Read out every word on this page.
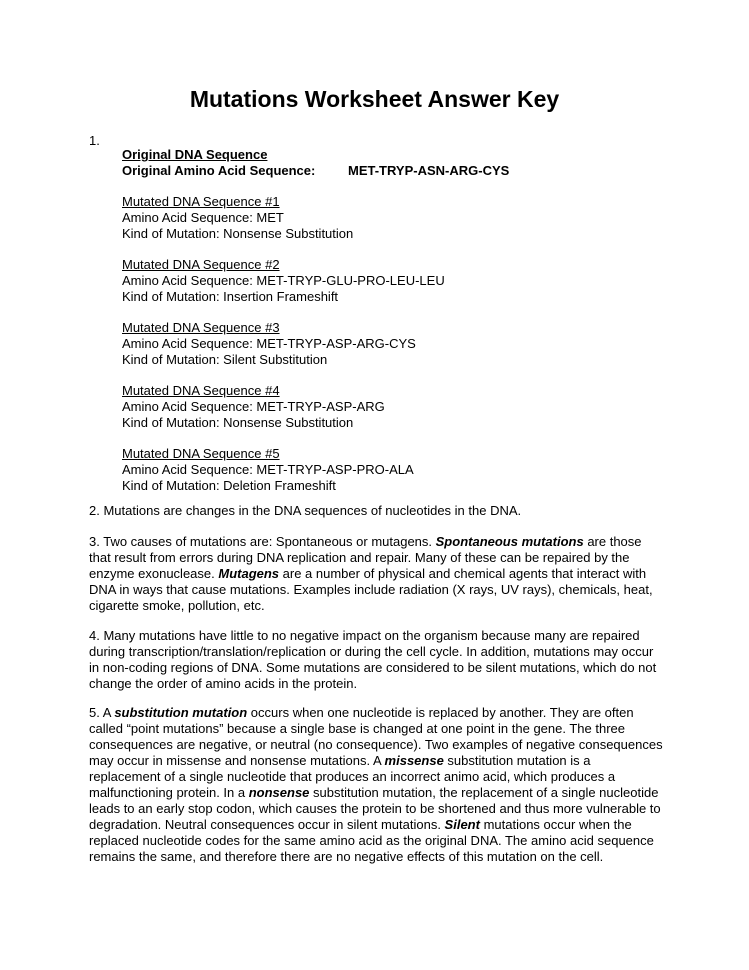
Mutations Worksheet Answer Key
1.
Original DNA Sequence
Original Amino Acid Sequence:	MET-TRYP-ASN-ARG-CYS
Mutated DNA Sequence #1
Amino Acid Sequence: MET
Kind of Mutation: Nonsense Substitution
Mutated DNA Sequence #2
Amino Acid Sequence: MET-TRYP-GLU-PRO-LEU-LEU
Kind of Mutation: Insertion Frameshift
Mutated DNA Sequence #3
Amino Acid Sequence: MET-TRYP-ASP-ARG-CYS
Kind of Mutation: Silent Substitution
Mutated DNA Sequence #4
Amino Acid Sequence: MET-TRYP-ASP-ARG
Kind of Mutation: Nonsense Substitution
Mutated DNA Sequence #5
Amino Acid Sequence: MET-TRYP-ASP-PRO-ALA
Kind of Mutation: Deletion Frameshift

2. Mutations are changes in the DNA sequences of nucleotides in the DNA.

3. Two causes of mutations are: Spontaneous or mutagens. Spontaneous mutations are those that result from errors during DNA replication and repair. Many of these can be repaired by the enzyme exonuclease. Mutagens are a number of physical and chemical agents that interact with DNA in ways that cause mutations. Examples include radiation (X rays, UV rays), chemicals, heat, cigarette smoke, pollution, etc.

4. Many mutations have little to no negative impact on the organism because many are repaired during transcription/translation/replication or during the cell cycle. In addition, mutations may occur in non-coding regions of DNA. Some mutations are considered to be silent mutations, which do not change the order of amino acids in the protein.

5. A substitution mutation occurs when one nucleotide is replaced by another. They are often called “point mutations” because a single base is changed at one point in the gene. The three consequences are negative, or neutral (no consequence). Two examples of negative consequences may occur in missense and nonsense mutations. A missense substitution mutation is a replacement of a single nucleotide that produces an incorrect animo acid, which produces a malfunctioning protein. In a nonsense substitution mutation, the replacement of a single nucleotide leads to an early stop codon, which causes the protein to be shortened and thus more vulnerable to degradation. Neutral consequences occur in silent mutations. Silent mutations occur when the replaced nucleotide codes for the same amino acid as the original DNA. The amino acid sequence remains the same, and therefore there are no negative effects of this mutation on the cell.
